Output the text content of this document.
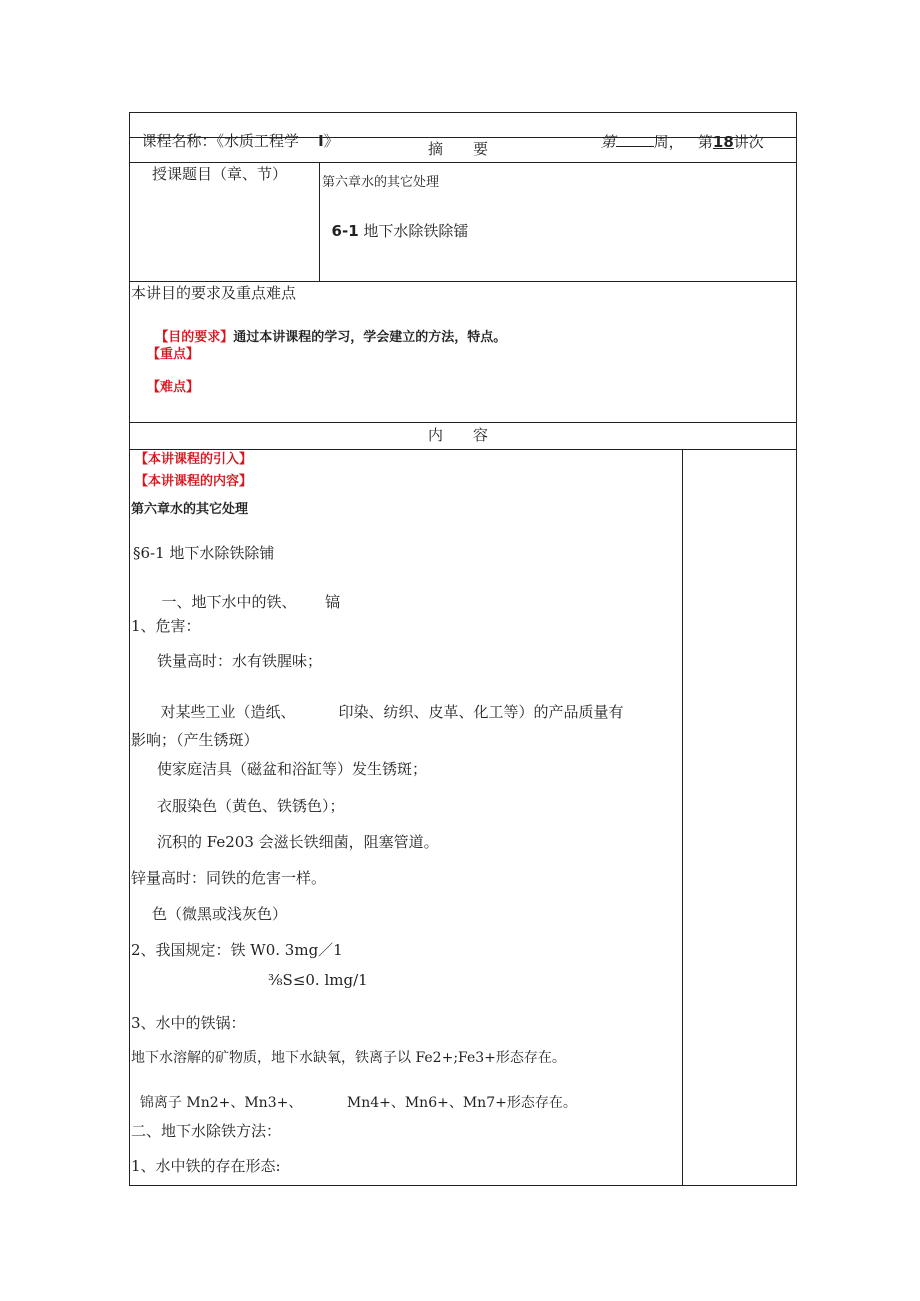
课程名称：《水质工程学 I》	第	周， 第18讲次

摘　　要
授课题目（章、节）	第六章水的其它处理

6-1 地下水除铁除镭

本讲目的要求及重点难点

【目的要求】通过本讲课程的学习，学会建立的方法，特点。

【重点】
【难点】
内　　容
【本讲课程的引入】
【本讲课程的内容】
第六章水的其它处理
§6-1 地下水除铁除铺

一、地下水中的铁、 镐

1、危害：
铁量高时：水有铁腥味；

对某些工业（造纸、	印染、纺织、皮革、化工等）的产品质量有

影响；（产生锈斑）
使家庭洁具（磁盆和浴缸等）发生锈斑；
衣服染色（黄色、铁锈色）；
沉积的 Fe203 会滋长铁细菌，阻塞管道。
锌量高时：同铁的危害一样。
色（微黑或浅灰色）
2、我国规定：铁 W0. 3mg／1
⅜S≤0. lmg/1
3、水中的铁锅：
地下水溶解的矿物质，地下水缺氧，铁离子以 Fe2+;Fe3+形态存在。

锦离子 Mn2+、Mn3+、	Mn4+、Mn6+、Mn7+形态存在。

二、地下水除铁方法：
1、水中铁的存在形态:
